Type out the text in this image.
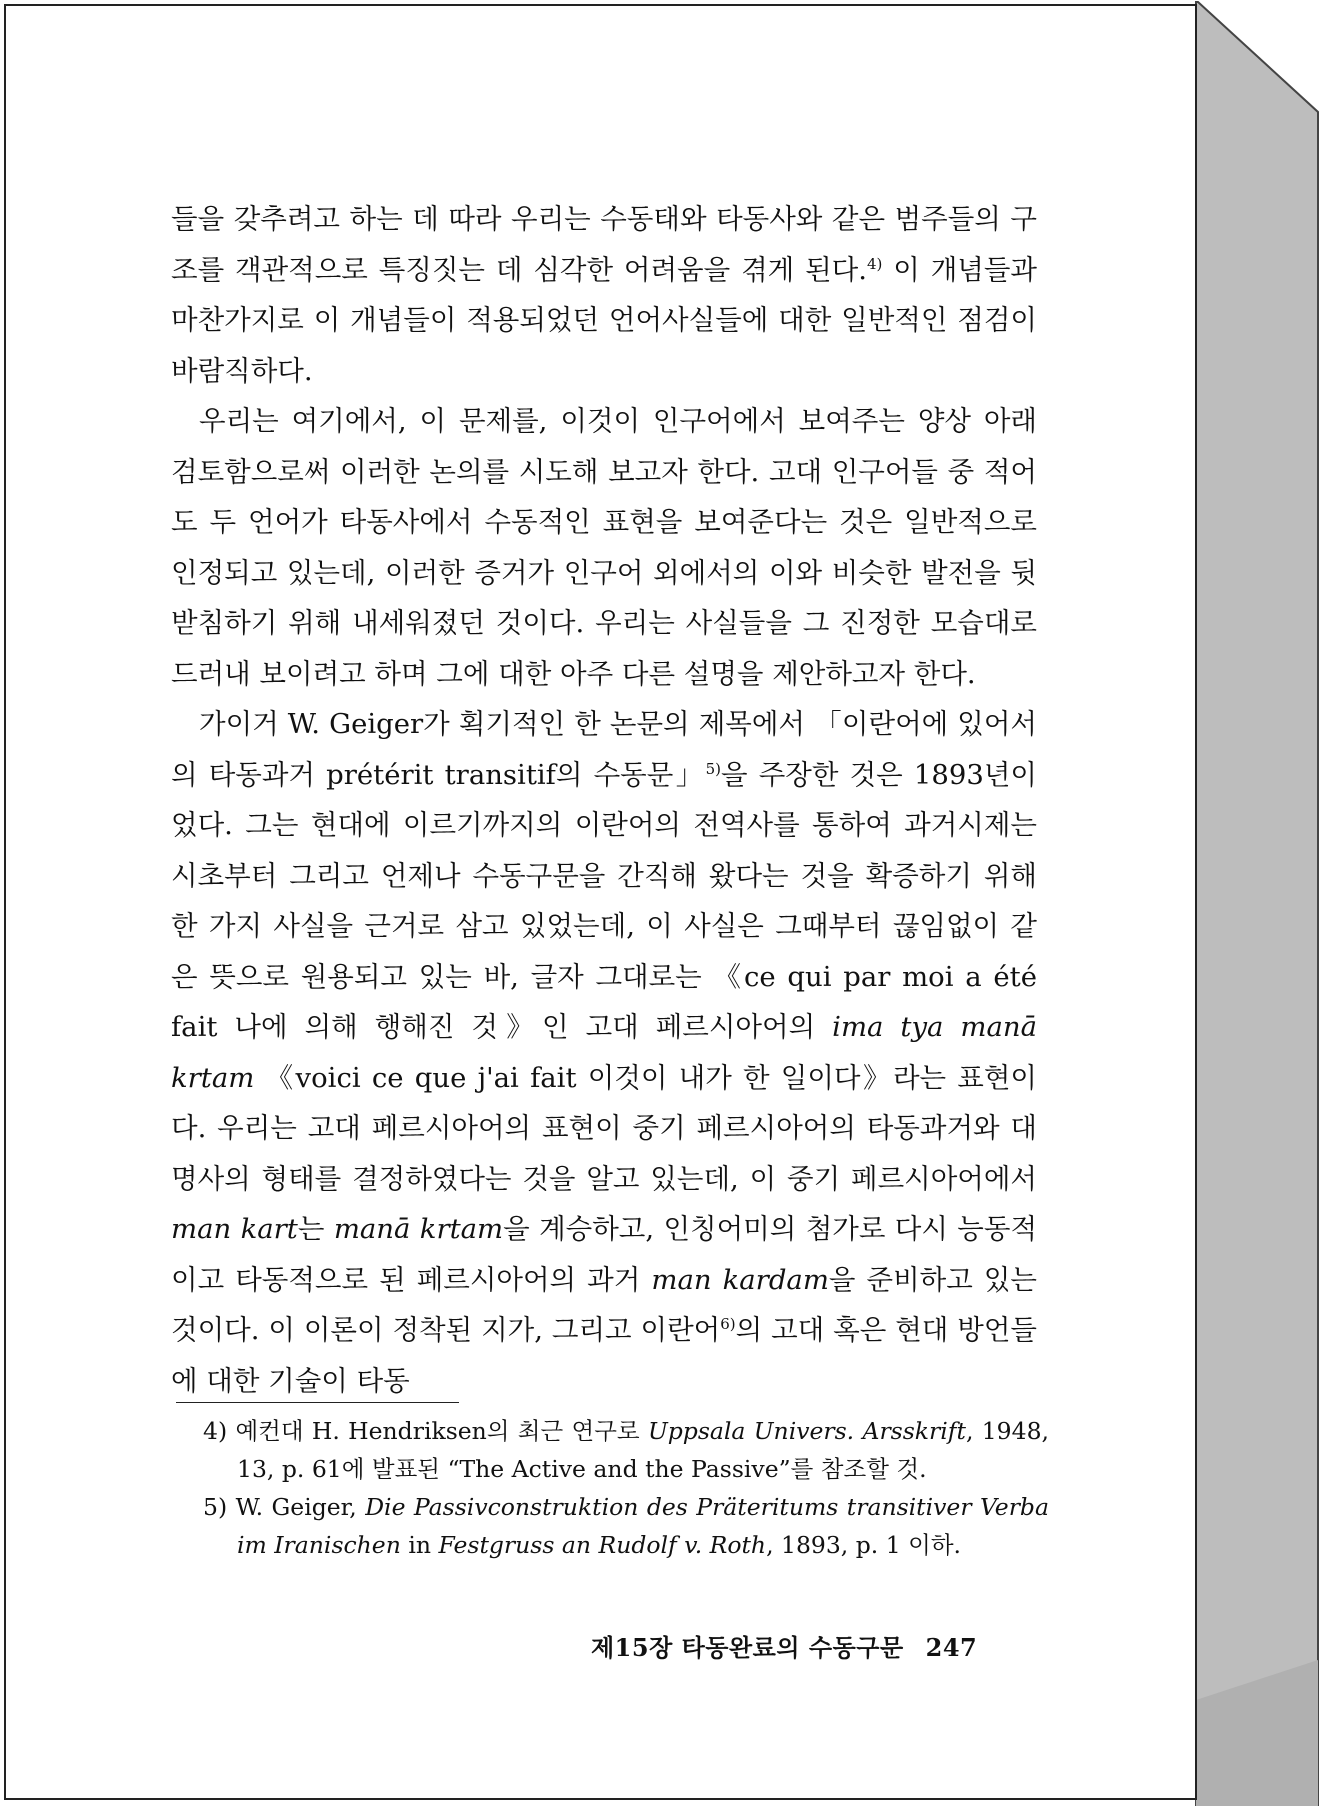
들을 갖추려고 하는 데 따라 우리는 수동태와 타동사와 같은 범주들의 구조를 객관적으로 특징짓는 데 심각한 어려움을 겪게 된다.$^{4)}$ 이 개념들과 마찬가지로 이 개념들이 적용되었던 언어사실들에 대한 일반적인 점검이 바람직하다.

우리는 여기에서, 이 문제를, 이것이 인구어에서 보여주는 양상 아래 검토함으로써 이러한 논의를 시도해 보고자 한다. 고대 인구어들 중 적어도 두 언어가 타동사에서 수동적인 표현을 보여준다는 것은 일반적으로 인정되고 있는데, 이러한 증거가 인구어 외에서의 이와 비슷한 발전을 뒷받침하기 위해 내세워졌던 것이다. 우리는 사실들을 그 진정한 모습대로 드러내 보이려고 하며 그에 대한 아주 다른 설명을 제안하고자 한다.

가이거 W. Geiger가 획기적인 한 논문의 제목에서 「이란어에 있어서의 타동과거 prétérit transitif의 수동문」$^{5)}$을 주장한 것은 1893년이었다. 그는 현대에 이르기까지의 이란어의 전역사를 통하여 과거시제는 시초부터 그리고 언제나 수동구문을 간직해 왔다는 것을 확증하기 위해 한 가지 사실을 근거로 삼고 있었는데, 이 사실은 그때부터 끊임없이 같은 뜻으로 원용되고 있는 바, 글자 그대로는 《ce qui par moi a été fait 나에 의해 행해진 것》인 고대 페르시아어의 ima tya manā krtam 《voici ce que j'ai fait 이것이 내가 한 일이다》라는 표현이다. 우리는 고대 페르시아어의 표현이 중기 페르시아어의 타동과거와 대명사의 형태를 결정하였다는 것을 알고 있는데, 이 중기 페르시아어에서 man kart는 manā krtam을 계승하고, 인칭어미의 첨가로 다시 능동적이고 타동적으로 된 페르시아어의 과거 man kardam을 준비하고 있는 것이다. 이 이론이 정착된 지가, 그리고 이란어$^{6)}$의 고대 혹은 현대 방언들에 대한 기술이 타동

4) 예컨대 H. Hendriksen의 최근 연구로 Uppsala Univers. Arsskrift, 1948, 13, p. 61에 발표된 “The Active and the Passive”를 참조할 것.
5) W. Geiger, Die Passivconstruktion des Präteritums transitiver Verba im Iranischen in Festgruss an Rudolf v. Roth, 1893, p. 1 이하.
제15장 타동완료의 수동구문 247
